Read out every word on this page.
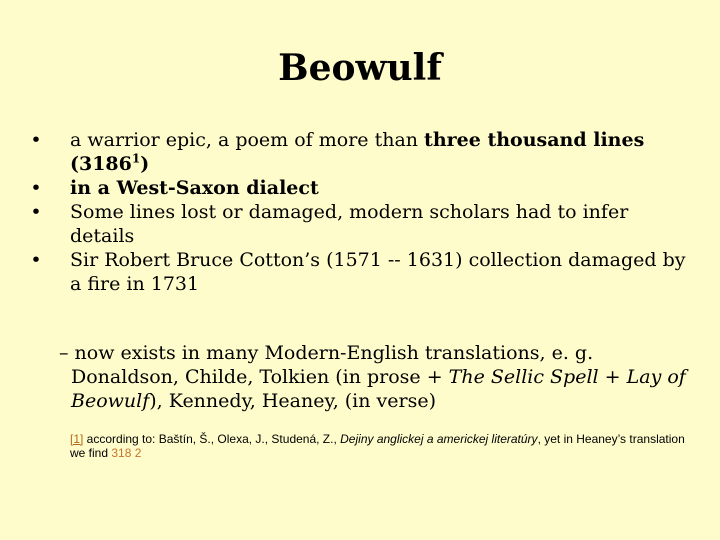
Beowulf
• a warrior epic, a poem of more than three thousand lines (3186$^1$)
• in a West-Saxon dialect
• Some lines lost or damaged, modern scholars had to infer details
• Sir Robert Bruce Cotton’s (1571 -- 1631) collection damaged by a fire in 1731
– now exists in many Modern-English translations, e. g. Donaldson, Childe, Tolkien (in prose + The Sellic Spell + Lay of Beowulf), Kennedy, Heaney, (in verse)
[1] according to: Baštín, Š., Olexa, J., Studená, Z., Dejiny anglickej a americkej literatúry, yet in Heaney’s translation we find 318 2
